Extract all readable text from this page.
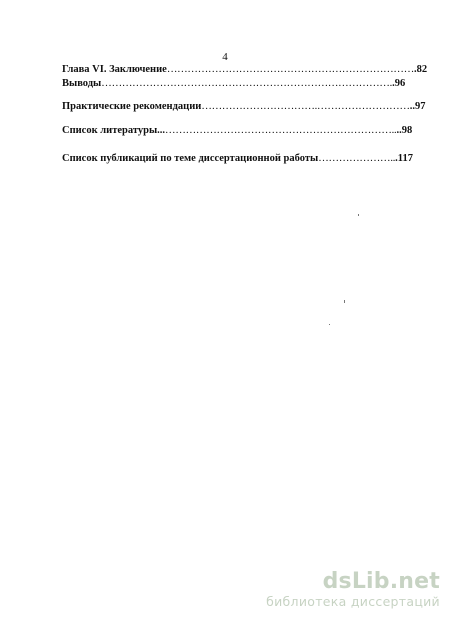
4
Глава VI. Заключение ……………………………………………………………… .82
Выводы …………………………………………………………………………. .96
Практические рекомендации …………………………….……………………… ..97
Список литературы... ………………………………………………………….. ..98
Список публикаций по теме диссертационной работы ………………….. .117
dsLib.net
библиотека диссертаций
